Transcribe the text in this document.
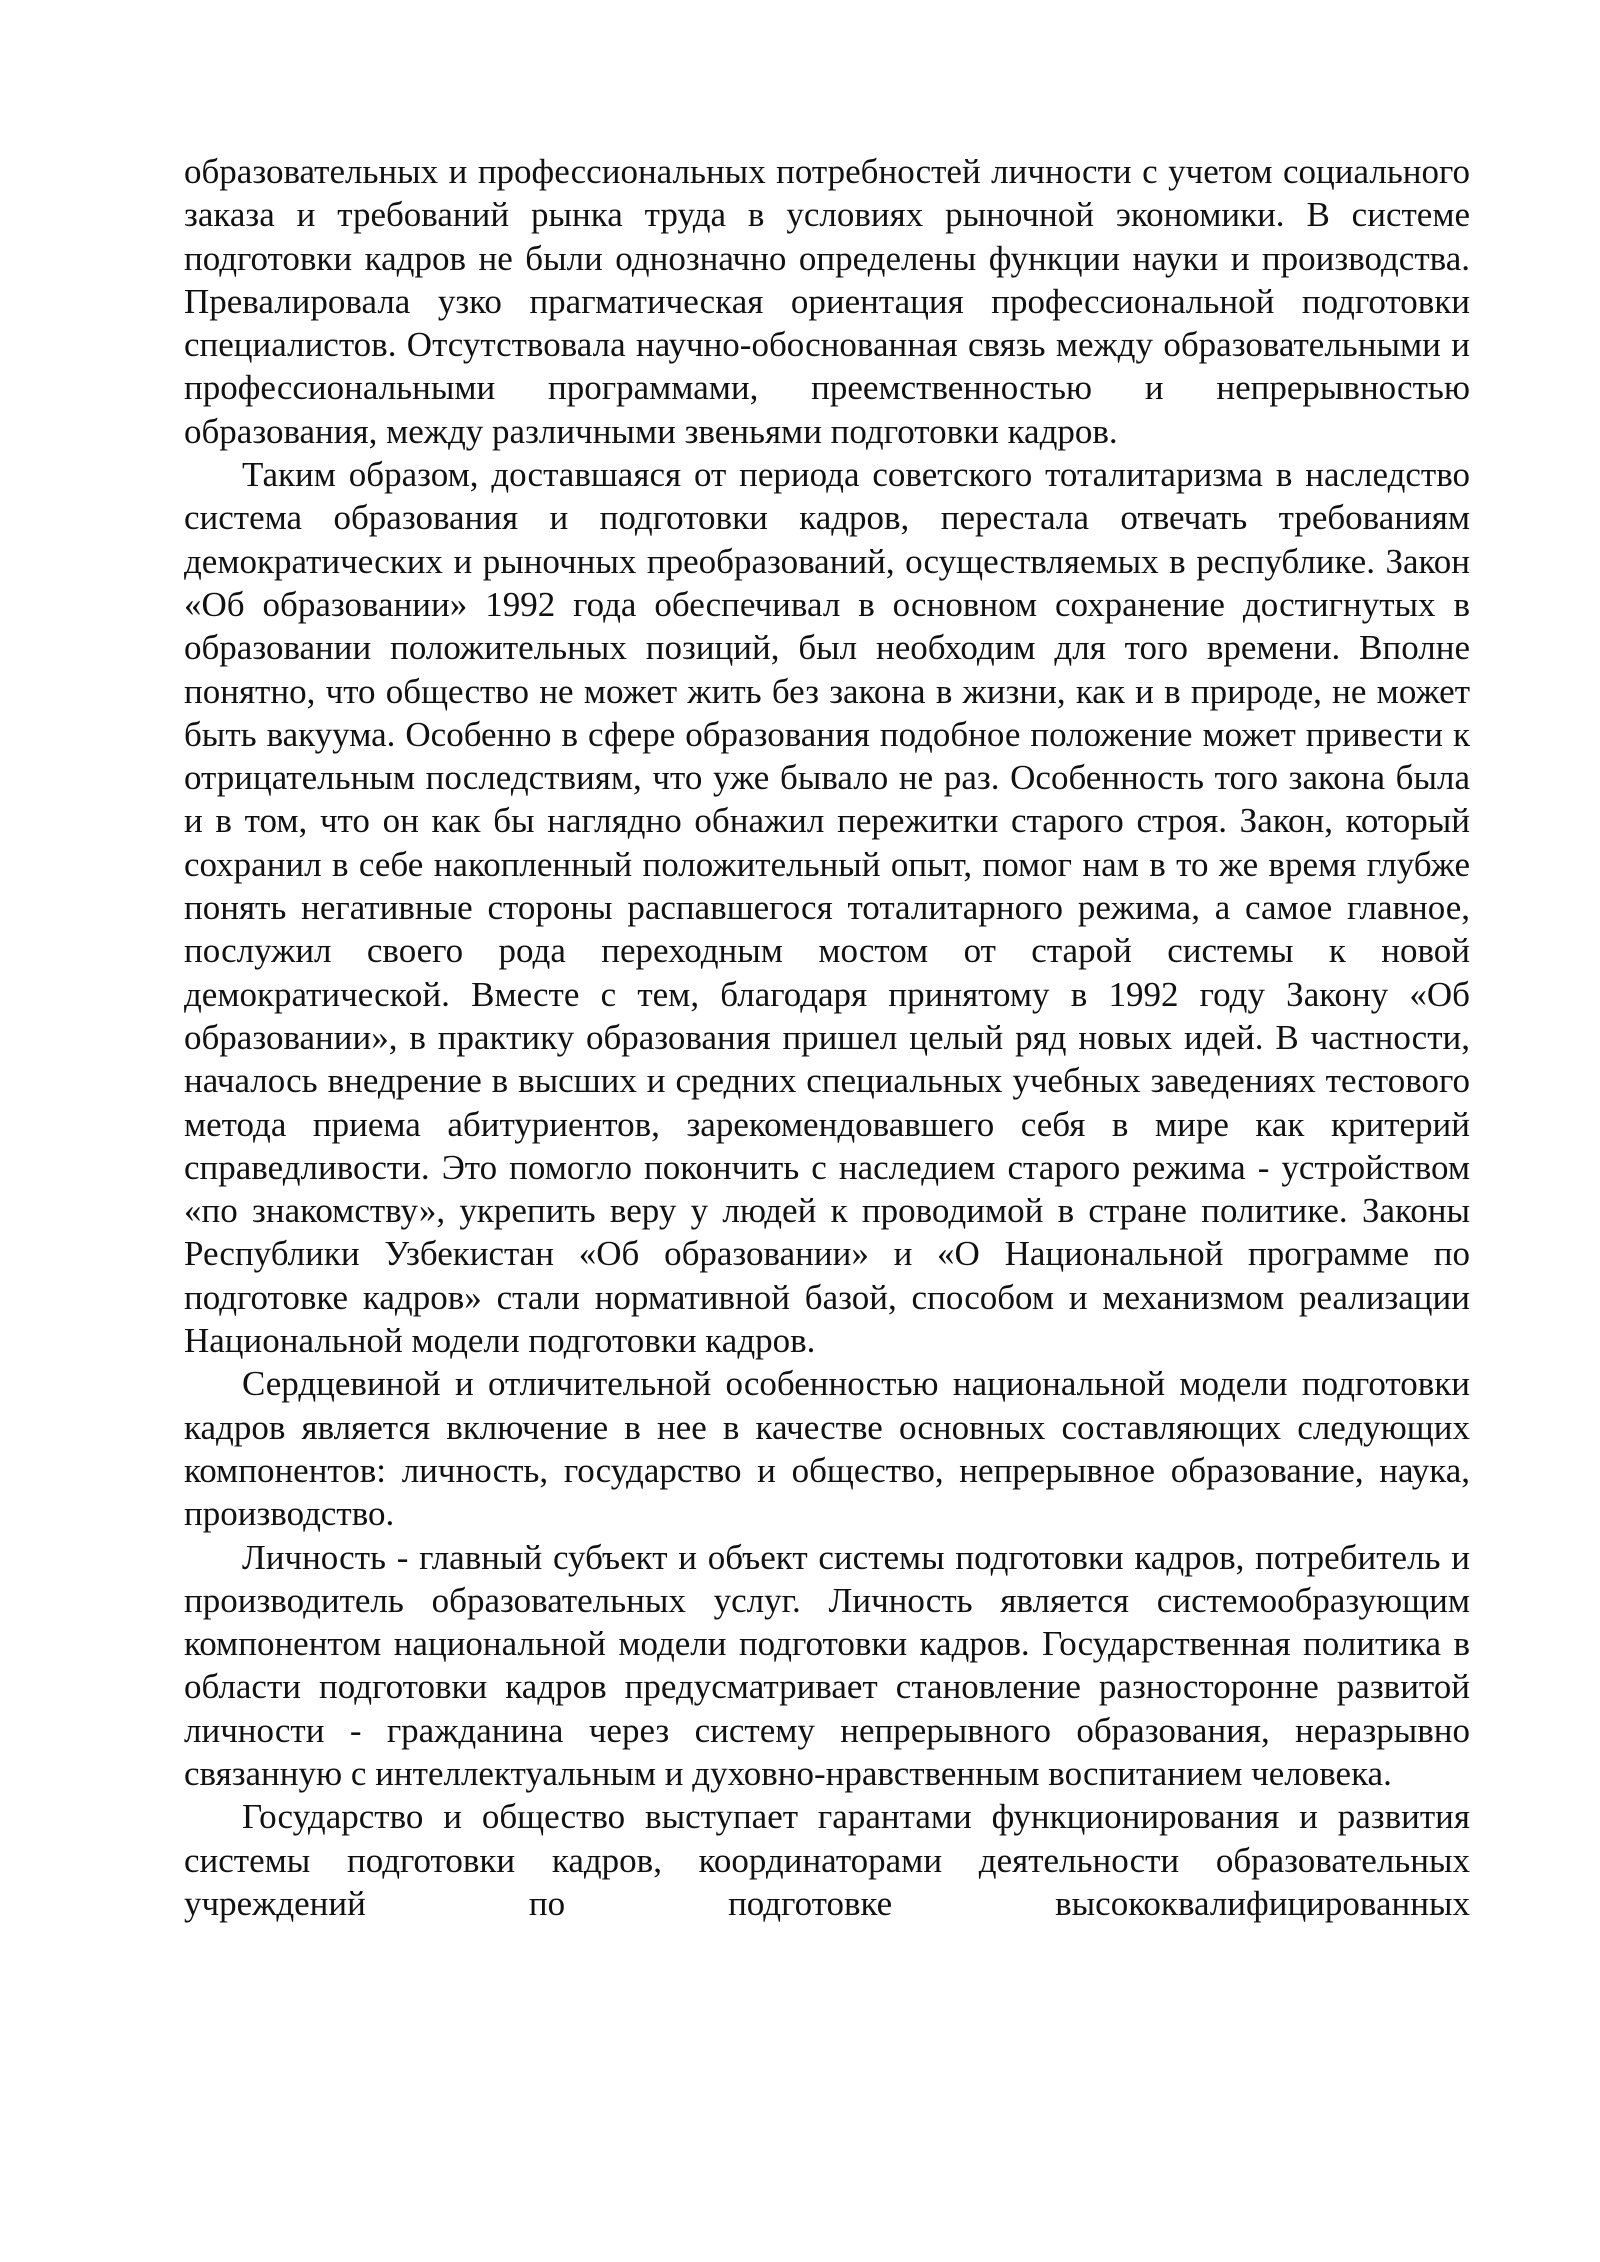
образовательных и профессиональных потребностей личности с учетом социального заказа и требований рынка труда в условиях рыночной экономики. В системе подготовки кадров не были однозначно определены функции науки и производства. Превалировала узко прагматическая ориентация профессиональной подготовки специалистов. Отсутствовала научно-обоснованная связь между образовательными и профессиональными программами, преемственностью и непрерывностью образования, между различными звеньями подготовки кадров.

Таким образом, доставшаяся от периода советского тоталитаризма в наследство система образования и подготовки кадров, перестала отвечать требованиям демократических и рыночных преобразований, осуществляемых в республике. Закон «Об образовании» 1992 года обеспечивал в основном сохранение достигнутых в образовании положительных позиций, был необходим для того времени. Вполне понятно, что общество не может жить без закона в жизни, как и в природе, не может быть вакуума. Особенно в сфере образования подобное положение может привести к отрицательным последствиям, что уже бывало не раз. Особенность того закона была и в том, что он как бы наглядно обнажил пережитки старого строя. Закон, который сохранил в себе накопленный положительный опыт, помог нам в то же время глубже понять негативные стороны распавшегося тоталитарного режима, а самое главное, послужил своего рода переходным мостом от старой системы к новой демократической. Вместе с тем, благодаря принятому в 1992 году Закону «Об образовании», в практику образования пришел целый ряд новых идей. В частности, началось внедрение в высших и средних специальных учебных заведениях тестового метода приема абитуриентов, зарекомендовавшего себя в мире как критерий справедливости. Это помогло покончить с наследием старого режима - устройством «по знакомству», укрепить веру у людей к проводимой в стране политике. Законы Республики Узбекистан «Об образовании» и «О Национальной программе по подготовке кадров» стали нормативной базой, способом и механизмом реализации Национальной модели подготовки кадров.

Сердцевиной и отличительной особенностью национальной модели подготовки кадров является включение в нее в качестве основных составляющих следующих компонентов: личность, государство и общество, непрерывное образование, наука, производство.

Личность - главный субъект и объект системы подготовки кадров, потребитель и производитель образовательных услуг. Личность является системообразующим компонентом национальной модели подготовки кадров. Государственная политика в области подготовки кадров предусматривает становление разносторонне развитой личности - гражданина через систему непрерывного образования, неразрывно связанную с интеллектуальным и духовно-нравственным воспитанием человека.

Государство и общество выступает гарантами функционирования и развития системы подготовки кадров, координаторами деятельности образовательных учреждений по подготовке высококвалифицированных
